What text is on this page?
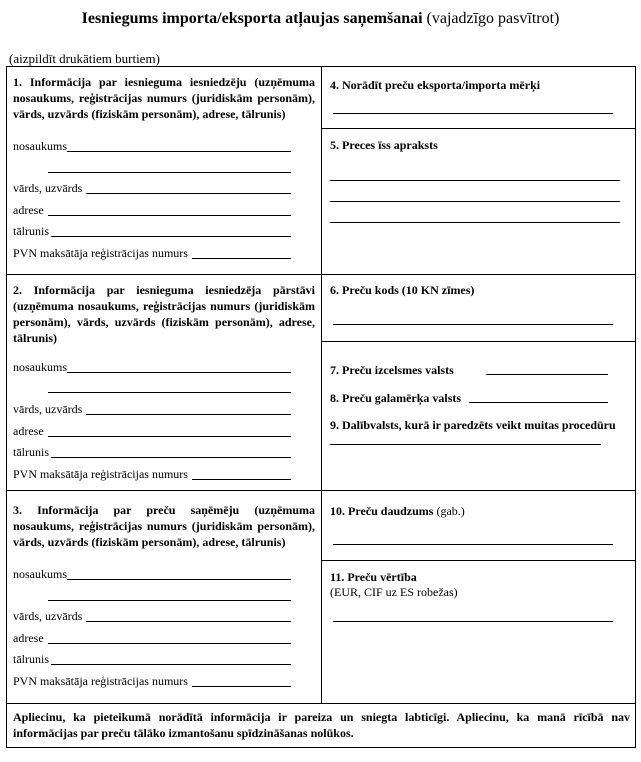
Iesniegums importa/eksporta atļaujas saņemšanai (vajadzīgo pasvītrot)
(aizpildīt drukātiem burtiem)
1. Informācija par iesnieguma iesniedzēju (uzņēmuma nosaukums, reģistrācijas numurs (juridiskām personām), vārds, uzvārds (fiziskām personām), adrese, tālrunis)
nosaukums
vārds, uzvārds
adrese
tālrunis
PVN maksātāja reģistrācijas numurs
2. Informācija par iesnieguma iesniedzēja pārstāvi (uzņēmuma nosaukums, reģistrācijas numurs (juridiskām personām), vārds, uzvārds (fiziskām personām), adrese, tālrunis)
nosaukums
vārds, uzvārds
adrese
tālrunis
PVN maksātāja reģistrācijas numurs
3. Informācija par preču saņēmēju (uzņēmuma nosaukums, reģistrācijas numurs (juridiskām personām), vārds, uzvārds (fiziskām personām), adrese, tālrunis)
nosaukums
vārds, uzvārds
adrese
tālrunis
PVN maksātāja reģistrācijas numurs
4. Norādīt preču eksporta/importa mērķi
5. Preces īss apraksts
6. Preču kods (10 KN zīmes)
7. Preču izcelsmes valsts
8. Preču galamērķa valsts
9. Dalībvalsts, kurā ir paredzēts veikt muitas procedūru
10. Preču daudzums (gab.)
11. Preču vērtība
(EUR, CIF uz ES robežas)
Apliecinu, ka pieteikumā norādītā informācija ir pareiza un sniegta labticīgi. Apliecinu, ka manā rīcībā nav informācijas par preču tālāko izmantošanu spīdzināšanas nolūkos.
